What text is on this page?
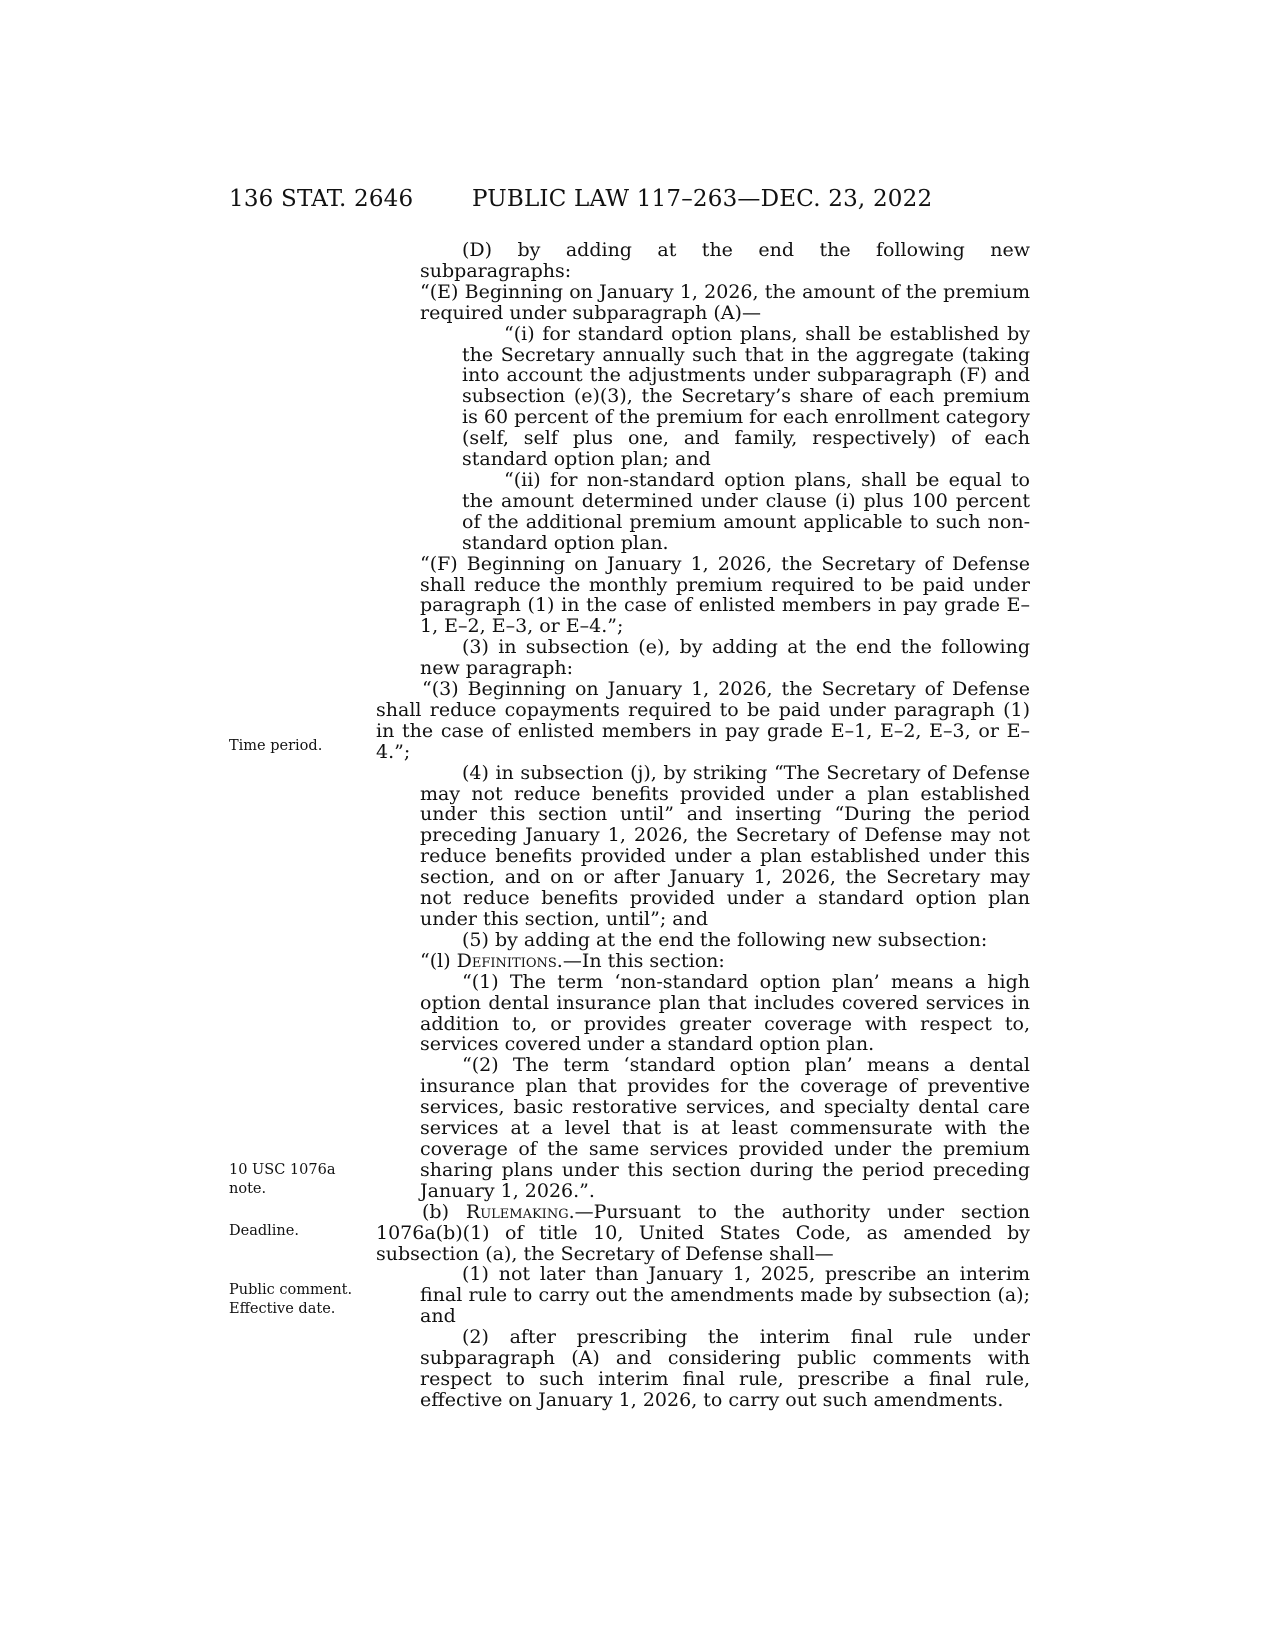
136 STAT. 2646	PUBLIC LAW 117–263—DEC. 23, 2022
Time period.
10 USC 1076a
note.
Deadline.
Public comment.
Effective date.

(D) by adding at the end the following new subparagraphs:

“(E) Beginning on January 1, 2026, the amount of the premium required under subparagraph (A)—

“(i) for standard option plans, shall be established by the Secretary annually such that in the aggregate (taking into account the adjustments under subparagraph (F) and subsection (e)(3), the Secretary’s share of each premium is 60 percent of the premium for each enrollment category (self, self plus one, and family, respectively) of each standard option plan; and

“(ii) for non-standard option plans, shall be equal to the amount determined under clause (i) plus 100 percent of the additional premium amount applicable to such non-standard option plan.

“(F) Beginning on January 1, 2026, the Secretary of Defense shall reduce the monthly premium required to be paid under paragraph (1) in the case of enlisted members in pay grade E–1, E–2, E–3, or E–4.”;

(3) in subsection (e), by adding at the end the following new paragraph:

“(3) Beginning on January 1, 2026, the Secretary of Defense shall reduce copayments required to be paid under paragraph (1) in the case of enlisted members in pay grade E–1, E–2, E–3, or E–4.”;

(4) in subsection (j), by striking “The Secretary of Defense may not reduce benefits provided under a plan established under this section until” and inserting “During the period preceding January 1, 2026, the Secretary of Defense may not reduce benefits provided under a plan established under this section, and on or after January 1, 2026, the Secretary may not reduce benefits provided under a standard option plan under this section, until”; and

(5) by adding at the end the following new subsection:

“(l) Definitions.—In this section:

“(1) The term ‘non-standard option plan’ means a high option dental insurance plan that includes covered services in addition to, or provides greater coverage with respect to, services covered under a standard option plan.

“(2) The term ‘standard option plan’ means a dental insurance plan that provides for the coverage of preventive services, basic restorative services, and specialty dental care services at a level that is at least commensurate with the coverage of the same services provided under the premium sharing plans under this section during the period preceding January 1, 2026.”.

(b) Rulemaking.—Pursuant to the authority under section 1076a(b)(1) of title 10, United States Code, as amended by subsection (a), the Secretary of Defense shall—

(1) not later than January 1, 2025, prescribe an interim final rule to carry out the amendments made by subsection (a); and

(2) after prescribing the interim final rule under subparagraph (A) and considering public comments with respect to such interim final rule, prescribe a final rule, effective on January 1, 2026, to carry out such amendments.
